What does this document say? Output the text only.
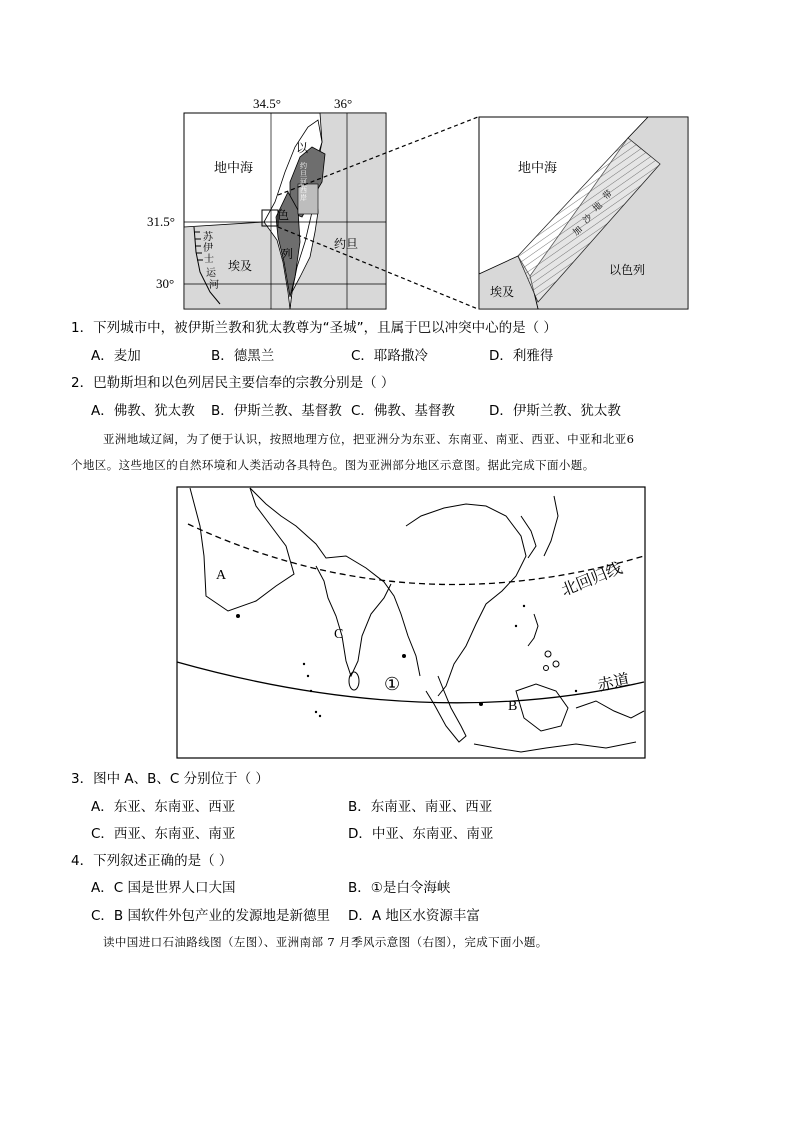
34.5°	36°
31.5°
30°
地中海
以
色
列
约
旦
河
西
岸
约旦
埃及
苏
伊
士
运
河
地中海
加
沙
地
带
埃及
以色列
1．下列城市中，被伊斯兰教和犹太教尊为“圣城”，且属于巴以冲突中心的是（ ）
A．麦加	B．德黑兰	C．耶路撒冷	D．利雅得
2．巴勒斯坦和以色列居民主要信奉的宗教分别是（ ）
A．佛教、犹太教 B．伊斯兰教、基督教 C．佛教、基督教	D．伊斯兰教、犹太教
亚洲地域辽阔，为了便于认识，按照地理方位，把亚洲分为东亚、东南亚、南亚、西亚、中亚和北亚6
个地区。这些地区的自然环境和人类活动各具特色。图为亚洲部分地区示意图。据此完成下面小题。
A
C
B
①
北回归线
赤道
3．图中 A、B、C 分别位于（ ）
A．东亚、东南亚、西亚	B．东南亚、南亚、西亚
C．西亚、东南亚、南亚	D．中亚、东南亚、南亚
4．下列叙述正确的是（ ）
A．C 国是世界人口大国	B．①是白令海峡
C．B 国软件外包产业的发源地是新德里 D．A 地区水资源丰富
读中国进口石油路线图（左图）、亚洲南部 7 月季风示意图（右图），完成下面小题。
